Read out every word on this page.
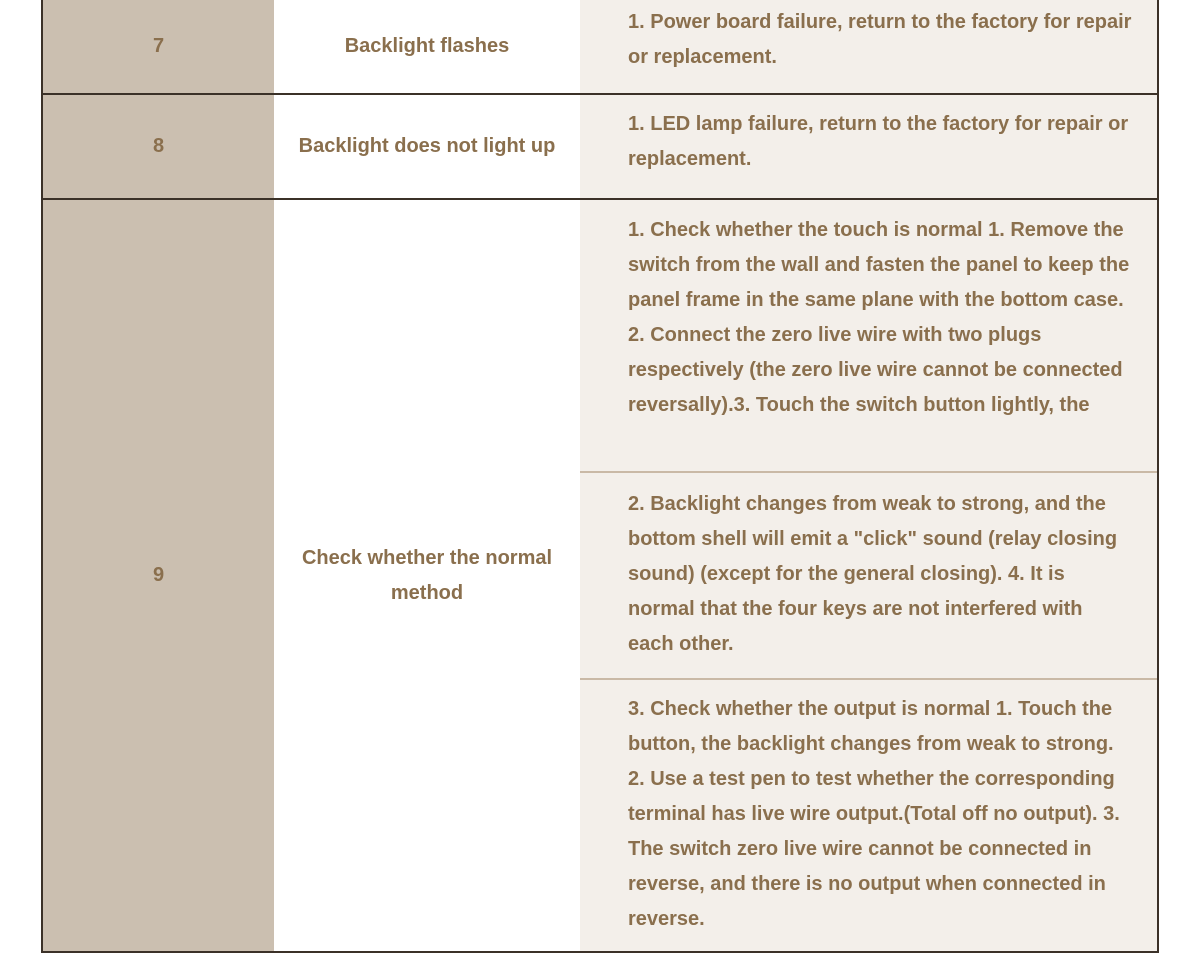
7	Backlight flashes
1. Power board failure, return to the factory for repair or replacement.
8	Backlight does not light up
1. LED lamp failure, return to the factory for repair or replacement.
9
Check whether the normal method
1. Check whether the touch is normal 1. Remove the switch from the wall and fasten the panel to keep the panel frame in the same plane with the bottom case. 2. Connect the zero live wire with two plugs respectively (the zero live wire cannot be connected reversally).3. Touch the switch button lightly, the
2. Backlight changes from weak to strong, and the bottom shell will emit a "click" sound (relay closing sound) (except for the general closing). 4. It is normal that the four keys are not interfered with each other.
3. Check whether the output is normal 1. Touch the button, the backlight changes from weak to strong. 2. Use a test pen to test whether the corresponding terminal has live wire output.(Total off no output). 3. The switch zero live wire cannot be connected in reverse, and there is no output when connected in reverse.
